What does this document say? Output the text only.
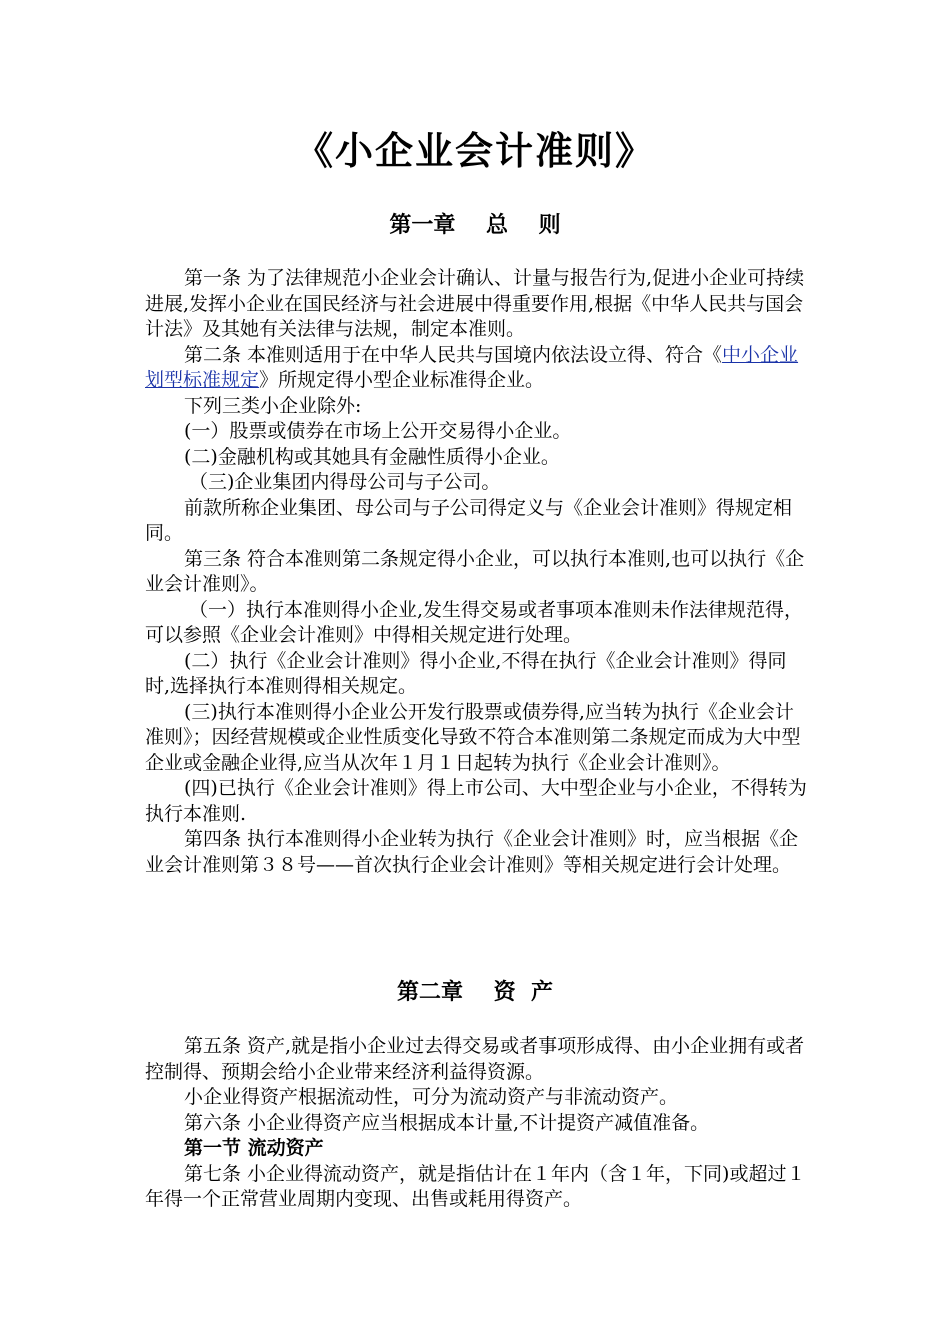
《小企业会计准则》
第一章    总    则

第一条 为了法律规范小企业会计确认、计量与报告行为,促进小企业可持续进展,发挥小企业在国民经济与社会进展中得重要作用,根据《中华人民共与国会计法》及其她有关法律与法规，制定本准则。

第二条 本准则适用于在中华人民共与国境内依法设立得、符合《中小企业划型标准规定》所规定得小型企业标准得企业。

下列三类小企业除外:

(一）股票或债券在市场上公开交易得小企业。

(二)金融机构或其她具有金融性质得小企业。

（三)企业集团内得母公司与子公司。

前款所称企业集团、母公司与子公司得定义与《企业会计准则》得规定相同。

第三条 符合本准则第二条规定得小企业，可以执行本准则,也可以执行《企业会计准则》。

（一）执行本准则得小企业,发生得交易或者事项本准则未作法律规范得，可以参照《企业会计准则》中得相关规定进行处理。

(二）执行《企业会计准则》得小企业,不得在执行《企业会计准则》得同时,选择执行本准则得相关规定。

(三)执行本准则得小企业公开发行股票或债券得,应当转为执行《企业会计准则》；因经营规模或企业性质变化导致不符合本准则第二条规定而成为大中型企业或金融企业得,应当从次年１月１日起转为执行《企业会计准则》。

(四)已执行《企业会计准则》得上市公司、大中型企业与小企业，不得转为执行本准则.

第四条 执行本准则得小企业转为执行《企业会计准则》时，应当根据《企业会计准则第３８号——首次执行企业会计准则》等相关规定进行会计处理。

第二章    资  产

第五条 资产,就是指小企业过去得交易或者事项形成得、由小企业拥有或者控制得、预期会给小企业带来经济利益得资源。

小企业得资产根据流动性，可分为流动资产与非流动资产。

第六条 小企业得资产应当根据成本计量,不计提资产减值准备。

第一节 流动资产

第七条 小企业得流动资产，就是指估计在１年内（含１年，下同)或超过１年得一个正常营业周期内变现、出售或耗用得资产。
